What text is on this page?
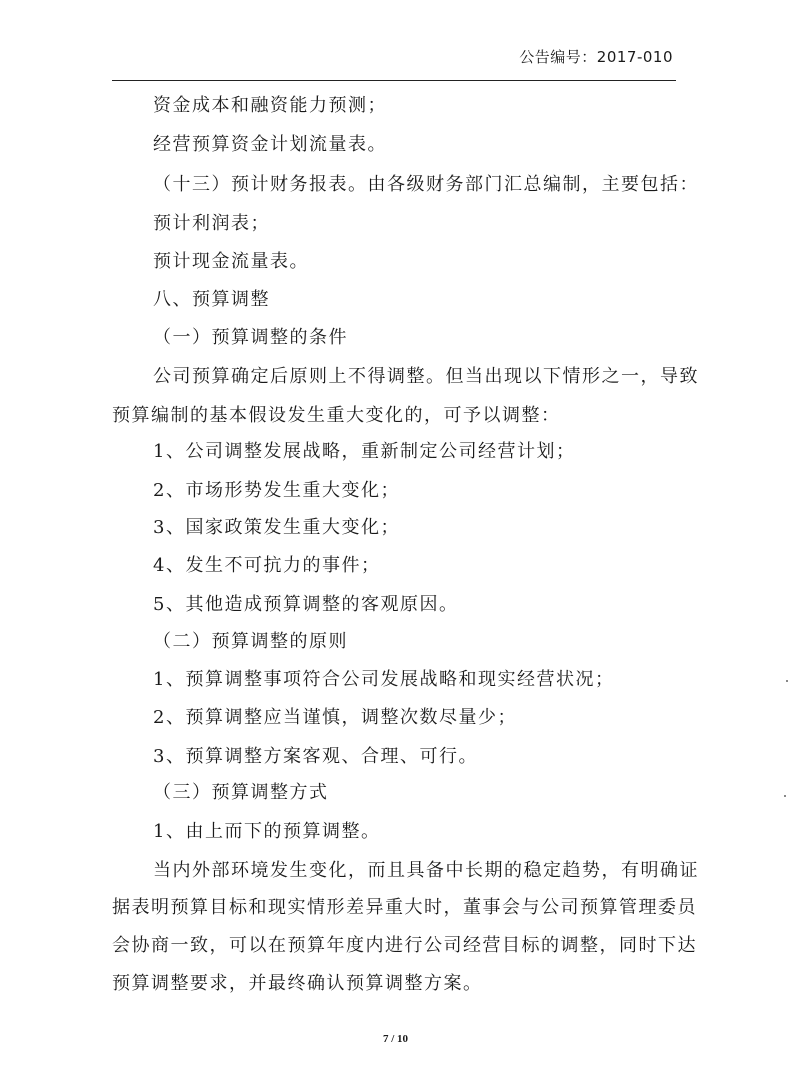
公告编号：2017-010
资金成本和融资能力预测；
经营预算资金计划流量表。
（十三）预计财务报表。由各级财务部门汇总编制，主要包括：
预计利润表；
预计现金流量表。
八、预算调整
（一）预算调整的条件
公司预算确定后原则上不得调整。但当出现以下情形之一，导致
预算编制的基本假设发生重大变化的，可予以调整：
1、公司调整发展战略，重新制定公司经营计划；
2、市场形势发生重大变化；
3、国家政策发生重大变化；
4、发生不可抗力的事件；
5、其他造成预算调整的客观原因。
（二）预算调整的原则
1、预算调整事项符合公司发展战略和现实经营状况；
2、预算调整应当谨慎，调整次数尽量少；
3、预算调整方案客观、合理、可行。
（三）预算调整方式
1、由上而下的预算调整。
当内外部环境发生变化，而且具备中长期的稳定趋势，有明确证
据表明预算目标和现实情形差异重大时，董事会与公司预算管理委员
会协商一致，可以在预算年度内进行公司经营目标的调整，同时下达
预算调整要求，并最终确认预算调整方案。
7 / 10
